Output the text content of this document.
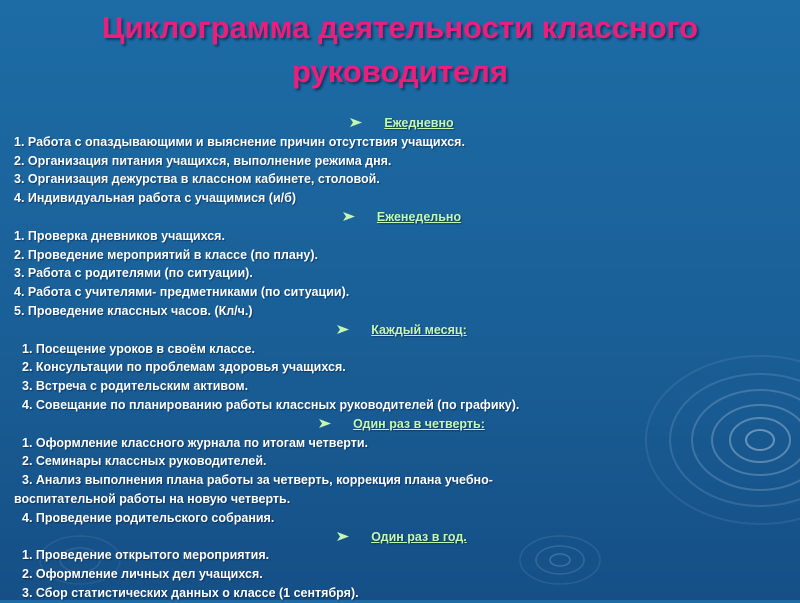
Циклограмма деятельности классного
руководителя
Ежедневно
1. Работа с опаздывающими и выяснение причин отсутствия учащихся.
2. Организация питания учащихся, выполнение режима дня.
3. Организация дежурства в классном кабинете, столовой.
4. Индивидуальная работа с учащимися (и/б)
Еженедельно
1. Проверка дневников учащихся.
2. Проведение мероприятий в классе (по плану).
3. Работа с родителями (по ситуации).
4. Работа с учителями- предметниками (по ситуации).
5. Проведение классных часов. (Кл/ч.)
Каждый месяц:
1. Посещение уроков в своём классе.
2. Консультации по проблемам здоровья учащихся.
3. Встреча с родительским активом.
4. Совещание по планированию работы классных руководителей (по графику).
Один раз в четверть:
1. Оформление классного журнала по итогам четверти.
2. Семинары классных руководителей.
3. Анализ выполнения плана работы за четверть, коррекция плана учебно-
воспитательной работы на новую четверть.
4. Проведение родительского собрания.
Один раз в год.
1. Проведение открытого мероприятия.
2. Оформление личных дел учащихся.
3. Сбор статистических данных о классе (1 сентября).
